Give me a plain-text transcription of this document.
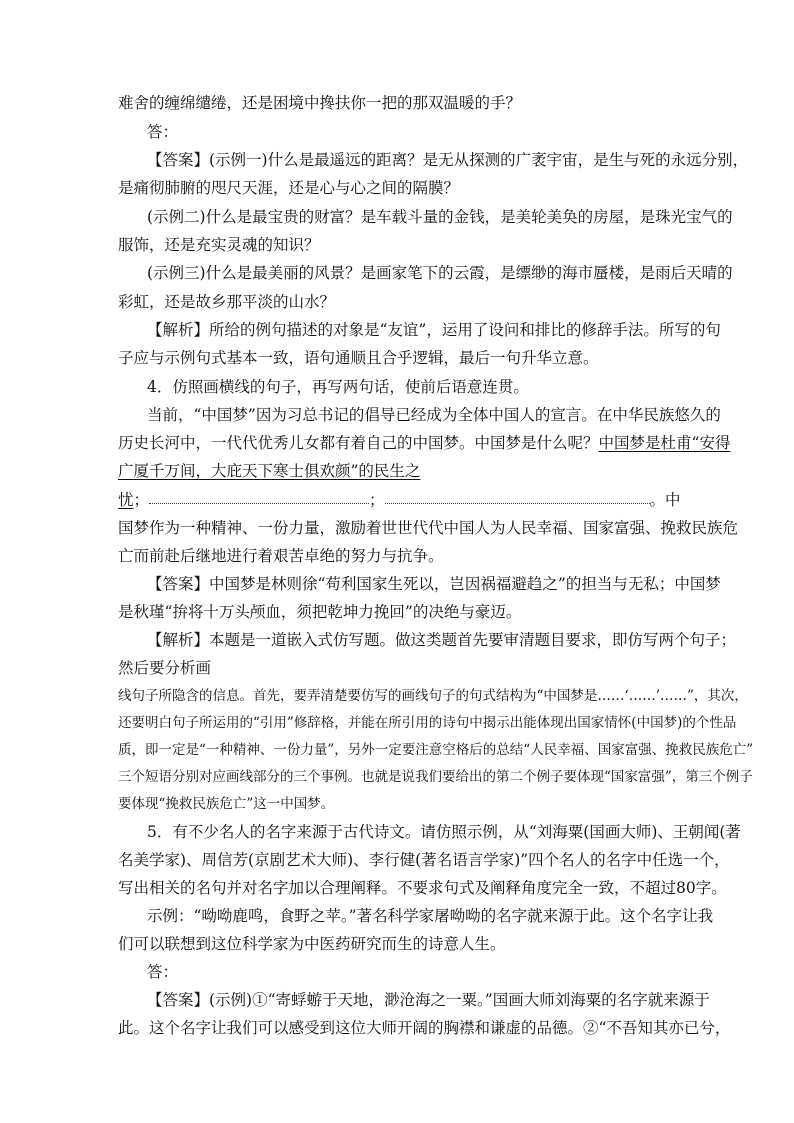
难舍的缠绵缱绻，还是困境中搀扶你一把的那双温暖的手？
答：
【答案】(示例一)什么是最遥远的距离？是无从探测的广袤宇宙，是生与死的永远分别，
是痛彻肺腑的咫尺天涯，还是心与心之间的隔膜？
(示例二)什么是最宝贵的财富？是车载斗量的金钱，是美轮美奂的房屋，是珠光宝气的
服饰，还是充实灵魂的知识？
(示例三)什么是最美丽的风景？是画家笔下的云霞，是缥缈的海市蜃楼，是雨后天晴的
彩虹，还是故乡那平淡的山水？
【解析】所给的例句描述的对象是“友谊”，运用了设问和排比的修辞手法。所写的句
子应与示例句式基本一致，语句通顺且合乎逻辑，最后一句升华立意。
4．仿照画横线的句子，再写两句话，使前后语意连贯。
当前，“中国梦”因为习总书记的倡导已经成为全体中国人的宣言。在中华民族悠久的
历史长河中，一代代优秀儿女都有着自己的中国梦。中国梦是什么呢？中国梦是杜甫“安得
广厦千万间，大庇天下寒士俱欢颜”的民生之
忧；	；	。中
国梦作为一种精神、一份力量，激励着世世代代中国人为人民幸福、国家富强、挽救民族危
亡而前赴后继地进行着艰苦卓绝的努力与抗争。
【答案】中国梦是林则徐“苟利国家生死以，岂因祸福避趋之”的担当与无私；中国梦
是秋瑾“拚将十万头颅血，须把乾坤力挽回”的决绝与豪迈。
【解析】本题是一道嵌入式仿写题。做这类题首先要审清题目要求，即仿写两个句子；
然后要分析画
线句子所隐含的信息。首先，要弄清楚要仿写的画线句子的句式结构为“中国梦是……‘……’……”，其次，
还要明白句子所运用的“引用”修辞格，并能在所引用的诗句中揭示出能体现出国家情怀(中国梦)的个性品
质，即一定是“一种精神、一份力量”，另外一定要注意空格后的总结“人民幸福、国家富强、挽救民族危亡”
三个短语分别对应画线部分的三个事例。也就是说我们要给出的第二个例子要体现“国家富强”，第三个例子
要体现“挽救民族危亡”这一中国梦。
5．有不少名人的名字来源于古代诗文。请仿照示例，从“刘海粟(国画大师)、王朝闻(著
名美学家)、周信芳(京剧艺术大师)、李行健(著名语言学家)”四个名人的名字中任选一个，
写出相关的名句并对名字加以合理阐释。不要求句式及阐释角度完全一致，不超过80字。
示例：“呦呦鹿鸣，食野之苹。”著名科学家屠呦呦的名字就来源于此。这个名字让我
们可以联想到这位科学家为中医药研究而生的诗意人生。
答：
【答案】(示例)①“寄蜉蝣于天地，渺沧海之一粟。”国画大师刘海粟的名字就来源于
此。这个名字让我们可以感受到这位大师开阔的胸襟和谦虚的品德。②“不吾知其亦已兮，
